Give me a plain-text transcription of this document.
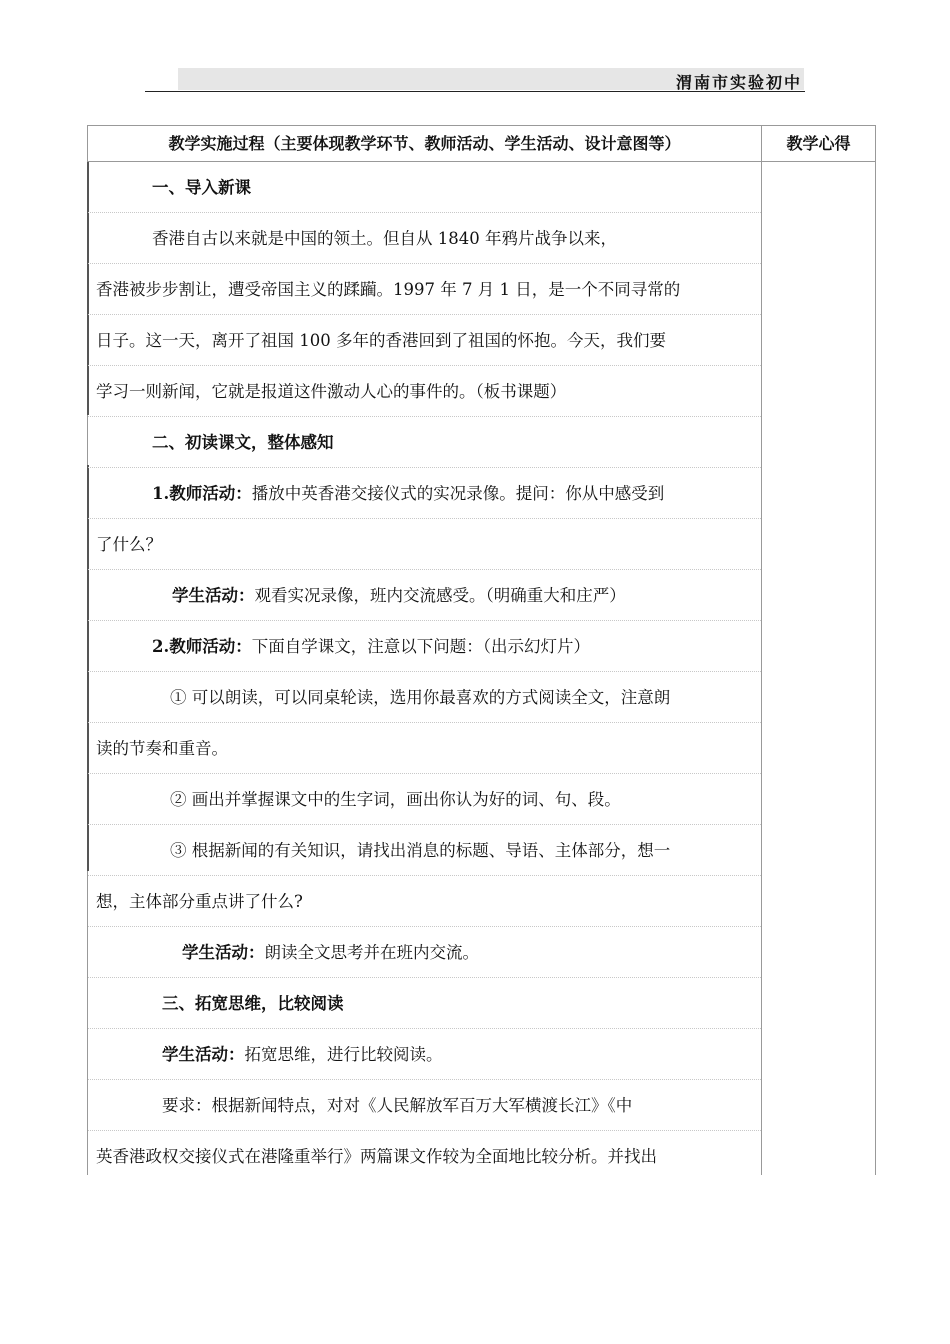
渭南市实验初中
教学实施过程（主要体现教学环节、教师活动、学生活动、设计意图等）	教学心得
一、导入新课
香港自古以来就是中国的领土。但自从 1840 年鸦片战争以来，
香港被步步割让，遭受帝国主义的蹂躏。1997 年 7 月 1 日，是一个不同寻常的
日子。这一天，离开了祖国 100 多年的香港回到了祖国的怀抱。今天，我们要
学习一则新闻，它就是报道这件激动人心的事件的。（板书课题）
二、初读课文，整体感知
1.教师活动：播放中英香港交接仪式的实况录像。提问：你从中感受到
了什么？
学生活动：观看实况录像，班内交流感受。（明确重大和庄严）
2.教师活动：下面自学课文，注意以下问题：（出示幻灯片）
① 可以朗读，可以同桌轮读，选用你最喜欢的方式阅读全文，注意朗
读的节奏和重音。
② 画出并掌握课文中的生字词，画出你认为好的词、句、段。
③ 根据新闻的有关知识，请找出消息的标题、导语、主体部分，想一
想，主体部分重点讲了什么?
学生活动：朗读全文思考并在班内交流。
三、拓宽思维，比较阅读
学生活动：拓宽思维，进行比较阅读。
要求：根据新闻特点，对对《人民解放军百万大军横渡长江》《中
英香港政权交接仪式在港隆重举行》两篇课文作较为全面地比较分析。并找出
